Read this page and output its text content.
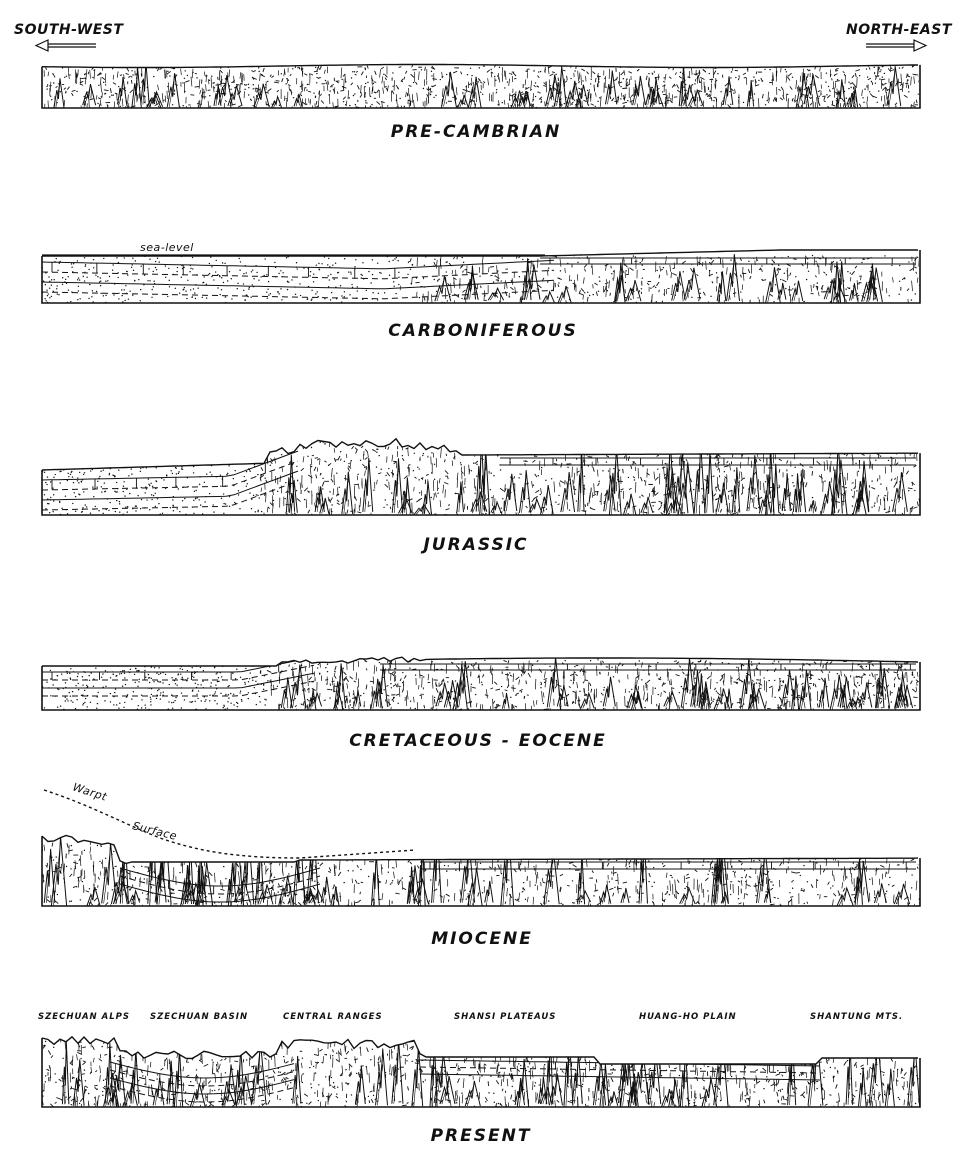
SOUTH-WEST	NORTH-EAST
PRE-CAMBRIAN
sea-level
CARBONIFEROUS
JURASSIC
CRETACEOUS - EOCENE
Warpt
Surface
MIOCENE
SZECHUAN ALPS SZECHUAN BASIN	CENTRAL RANGES	SHANSI PLATEAUS	HUANG-HO PLAIN	SHANTUNG MTS.
PRESENT
